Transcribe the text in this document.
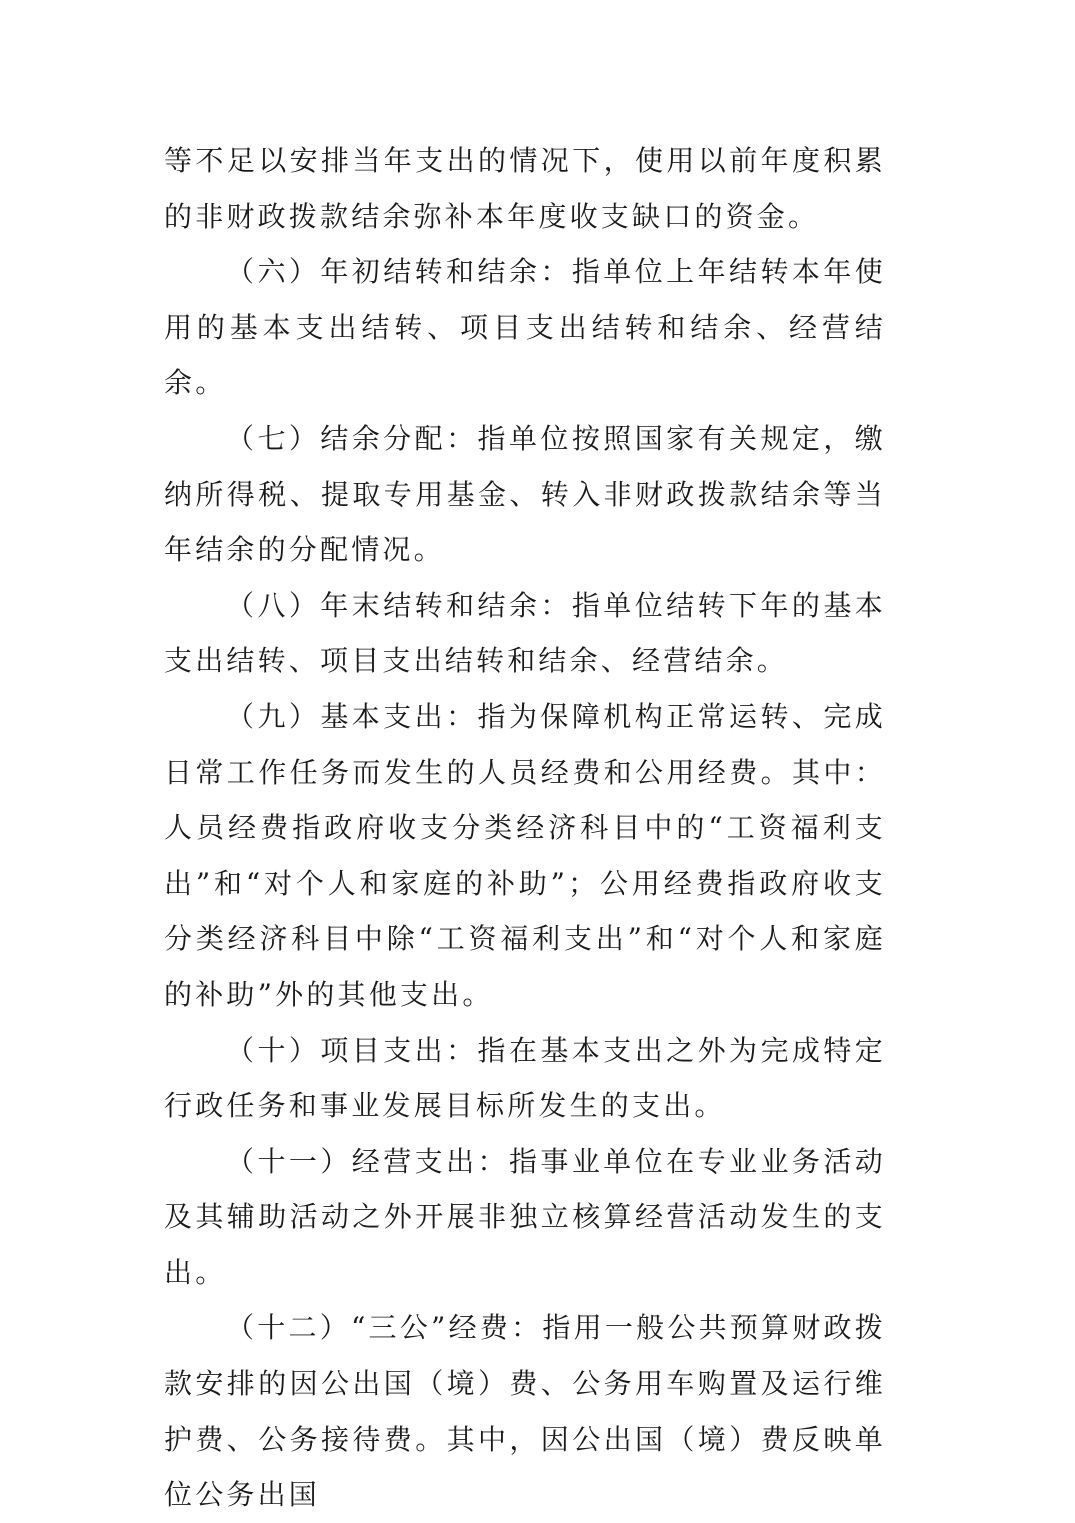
等不足以安排当年支出的情况下，使用以前年度积累的非财政拨款结余弥补本年度收支缺口的资金。

（六）年初结转和结余：指单位上年结转本年使用的基本支出结转、项目支出结转和结余、经营结余。

（七）结余分配：指单位按照国家有关规定，缴纳所得税、提取专用基金、转入非财政拨款结余等当年结余的分配情况。

（八）年末结转和结余：指单位结转下年的基本支出结转、项目支出结转和结余、经营结余。

（九）基本支出：指为保障机构正常运转、完成日常工作任务而发生的人员经费和公用经费。其中：人员经费指政府收支分类经济科目中的“工资福利支出”和“对个人和家庭的补助”；公用经费指政府收支分类经济科目中除“工资福利支出”和“对个人和家庭的补助”外的其他支出。

（十）项目支出：指在基本支出之外为完成特定行政任务和事业发展目标所发生的支出。

（十一）经营支出：指事业单位在专业业务活动及其辅助活动之外开展非独立核算经营活动发生的支出。

（十二）“三公”经费：指用一般公共预算财政拨款安排的因公出国（境）费、公务用车购置及运行维护费、公务接待费。其中，因公出国（境）费反映单位公务出国
